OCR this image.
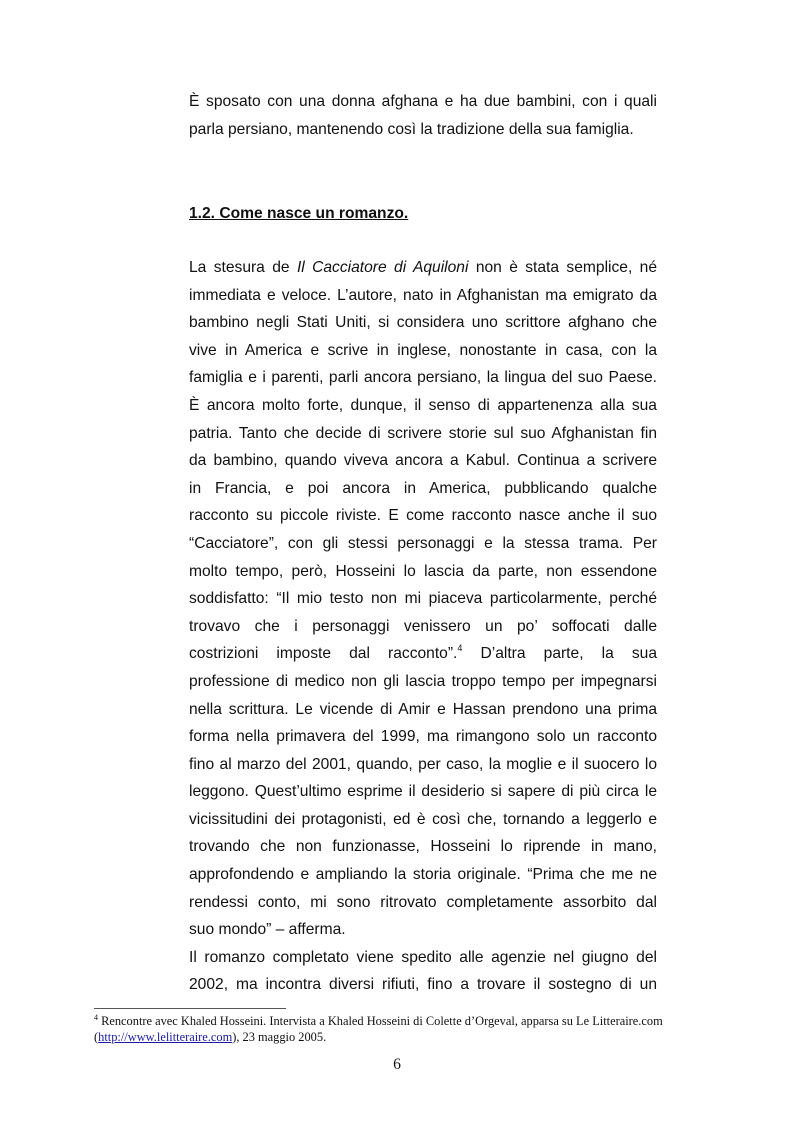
È sposato con una donna afghana e ha due bambini, con i quali
parla persiano, mantenendo così la tradizione della sua famiglia.
1.2. Come nasce un romanzo.
La stesura de Il Cacciatore di Aquiloni non è stata semplice, né
immediata e veloce. L’autore, nato in Afghanistan ma emigrato da
bambino negli Stati Uniti, si considera uno scrittore afghano che
vive in America e scrive in inglese, nonostante in casa, con la
famiglia e i parenti, parli ancora persiano, la lingua del suo Paese.
È ancora molto forte, dunque, il senso di appartenenza alla sua
patria. Tanto che decide di scrivere storie sul suo Afghanistan fin
da bambino, quando viveva ancora a Kabul. Continua a scrivere
in Francia, e poi ancora in America, pubblicando qualche
racconto su piccole riviste. E come racconto nasce anche il suo
“Cacciatore”, con gli stessi personaggi e la stessa trama. Per
molto tempo, però, Hosseini lo lascia da parte, non essendone
soddisfatto: “Il mio testo non mi piaceva particolarmente, perché
trovavo che i personaggi venissero un po’ soffocati dalle
costrizioni imposte dal racconto”.$^4$ D’altra parte, la sua
professione di medico non gli lascia troppo tempo per impegnarsi
nella scrittura. Le vicende di Amir e Hassan prendono una prima
forma nella primavera del 1999, ma rimangono solo un racconto
fino al marzo del 2001, quando, per caso, la moglie e il suocero lo
leggono. Quest’ultimo esprime il desiderio si sapere di più circa le
vicissitudini dei protagonisti, ed è così che, tornando a leggerlo e
trovando che non funzionasse, Hosseini lo riprende in mano,
approfondendo e ampliando la storia originale. “Prima che me ne
rendessi conto, mi sono ritrovato completamente assorbito dal
suo mondo” – afferma.
Il romanzo completato viene spedito alle agenzie nel giugno del
2002, ma incontra diversi rifiuti, fino a trovare il sostegno di un
$^4$ Rencontre avec Khaled Hosseini. Intervista a Khaled Hosseini di Colette d’Orgeval, apparsa su Le Litteraire.com
(http://www.lelitteraire.com), 23 maggio 2005.
6
